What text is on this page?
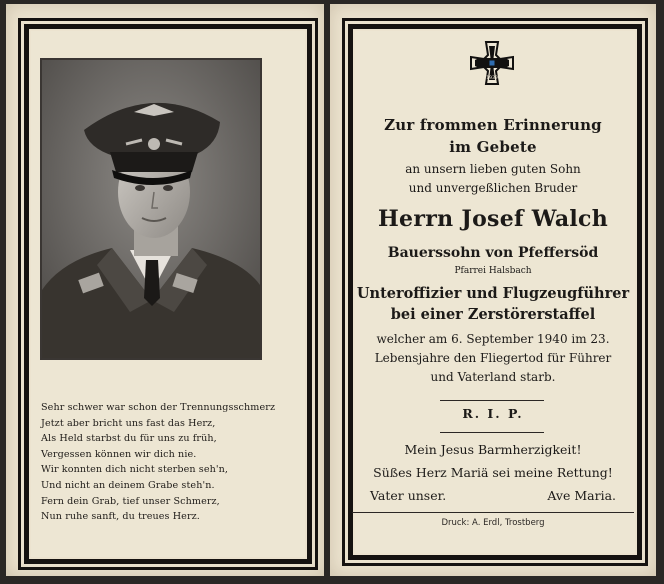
Sehr schwer war schon der Trennungsschmerz
Jetzt aber bricht uns fast das Herz,
Als Held starbst du für uns zu früh,
Vergessen können wir dich nie.
Wir konnten dich nicht sterben seh'n,
Und nicht an deinem Grabe steh'n.
Fern dein Grab, tief unser Schmerz,
Nun ruhe sanft, du treues Herz.
1939
Zur frommen Erinnerung
im Gebete
an unsern lieben guten Sohn
und unvergeßlichen Bruder
Herrn Josef Walch
Bauerssohn von Pfeffersöd
Pfarrei Halsbach
Unteroffizier und Flugzeugführer
bei einer Zerstörerstaffel
welcher am 6. September 1940 im 23.
Lebensjahre den Fliegertod für Führer
und Vaterland starb.
R. I. P.
Mein Jesus Barmherzigkeit!
Süßes Herz Mariä sei meine Rettung!
Vater unser.	Ave Maria.
Druck: A. Erdl, Trostberg
